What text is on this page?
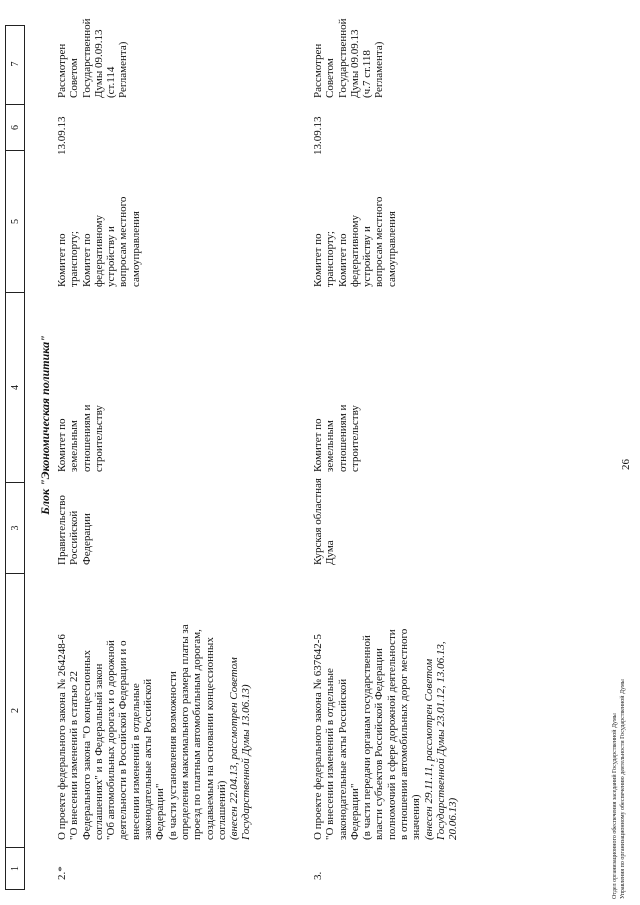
26
1
2
3
4
5
6
7
Блок "Экономическая политика"
2.*
О проекте федерального закона № 264248-6 "О внесении изменений в статью 22 Федерального закона "О концессионных соглашениях" и в Федеральный закон "Об автомобильных дорогах и о дорожной деятельности в Российской Федерации и о внесении изменений в отдельные законодательные акты Российской Федерации" (в части установления возможности определения максимального размера платы за проезд по платным автомобильным дорогам, создаваемым на основании концессионных соглашений) (внесен 22.04.13, рассмотрен Советом Государственной Думы 13.06.13)
Правительство Российской Федерации
Комитет по земельным отношениям и строительству
Комитет по транспорту; Комитет по федеративному устройству и вопросам местного самоуправления
13.09.13
Рассмотрен Советом Государственной Думы 09.09.13 (ст.114 Регламента)
3.
О проекте федерального закона № 637642-5 "О внесении изменений в отдельные законодательные акты Российской Федерации" (в части передачи органам государственной власти субъектов Российской Федерации полномочий в сфере дорожной деятельности в отношении автомобильных дорог местного значения) (внесен 29.11.11, рассмотрен Советом Государственной Думы 23.01.12, 13.06.13, 20.06.13)
Курская областная Дума
Комитет по земельным отношениям и строительству
Комитет по транспорту; Комитет по федеративному устройству и вопросам местного самоуправления
13.09.13
Рассмотрен Советом Государственной Думы 09.09.13 (ч.7 ст.118 Регламента)
Отдел организационного обеспечения заседаний Государственной Думы Управления по организационному обеспечению деятельности Государственной Думы
